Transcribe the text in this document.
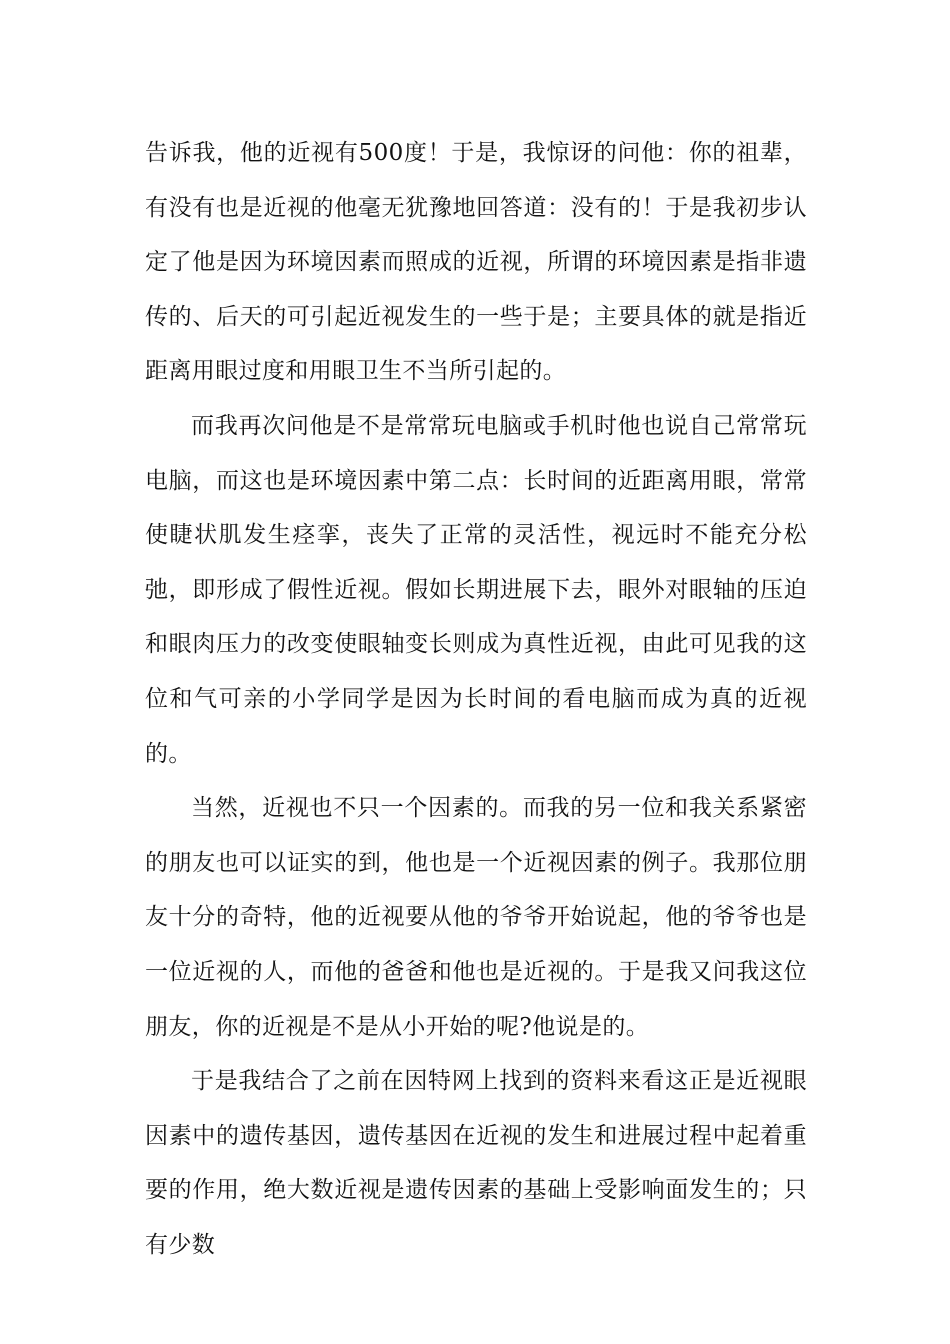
告诉我，他的近视有500度！于是，我惊讶的问他：你的祖辈，有没有也是近视的他毫无犹豫地回答道：没有的！于是我初步认定了他是因为环境因素而照成的近视，所谓的环境因素是指非遗传的、后天的可引起近视发生的一些于是；主要具体的就是指近距离用眼过度和用眼卫生不当所引起的。

而我再次问他是不是常常玩电脑或手机时他也说自己常常玩电脑，而这也是环境因素中第二点：长时间的近距离用眼，常常使睫状肌发生痉挛，丧失了正常的灵活性，视远时不能充分松弛，即形成了假性近视。假如长期进展下去，眼外对眼轴的压迫和眼肉压力的改变使眼轴变长则成为真性近视，由此可见我的这位和气可亲的小学同学是因为长时间的看电脑而成为真的近视的。

当然，近视也不只一个因素的。而我的另一位和我关系紧密的朋友也可以证实的到，他也是一个近视因素的例子。我那位朋友十分的奇特，他的近视要从他的爷爷开始说起，他的爷爷也是一位近视的人，而他的爸爸和他也是近视的。于是我又问我这位朋友，你的近视是不是从小开始的呢?他说是的。

于是我结合了之前在因特网上找到的资料来看这正是近视眼因素中的遗传基因，遗传基因在近视的发生和进展过程中起着重要的作用，绝大数近视是遗传因素的基础上受影响面发生的；只有少数
